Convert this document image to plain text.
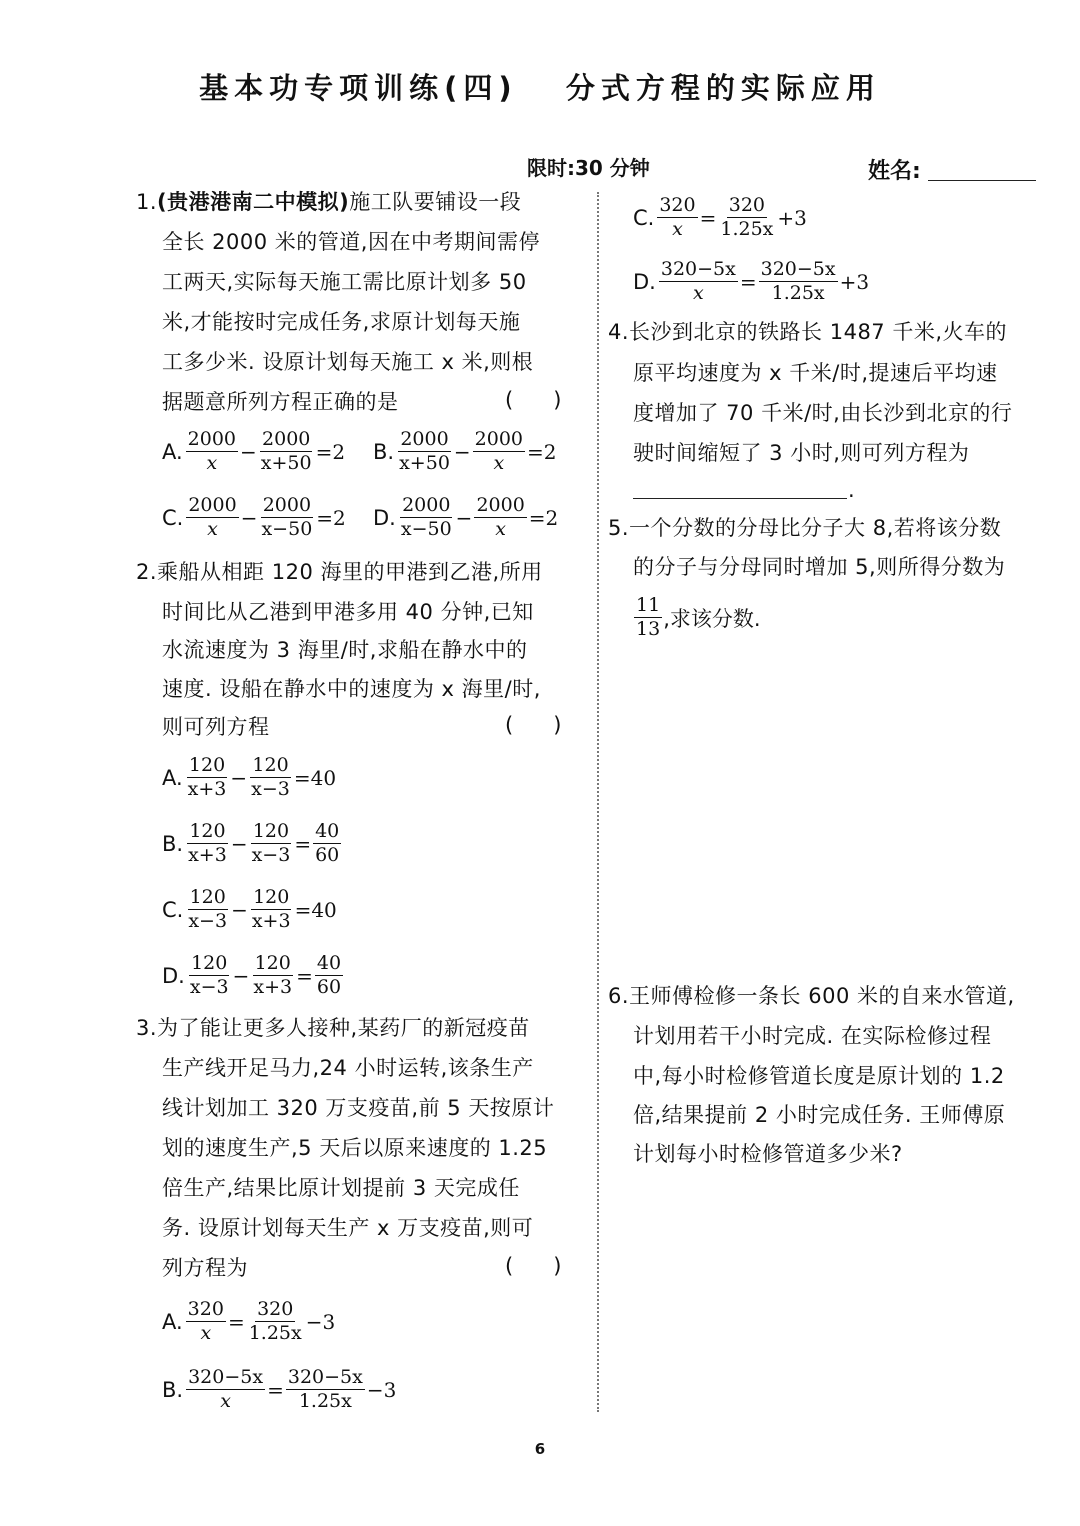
基本功专项训练(四)   分式方程的实际应用
限时:30 分钟	姓名:
1.(贵港港南二中模拟)施工队要铺设一段
全长 2000 米的管道,因在中考期间需停
工两天,实际每天施工需比原计划多 50
米,才能按时完成任务,求原计划每天施
工多少米. 设原计划每天施工 x 米,则根
据题意所列方程正确的是	(      )
A. $\frac{2000}{x} - \frac{2000}{x+50} =2$ B. $\frac{2000}{x+50} - \frac{2000}{x} =2$
C. $\frac{2000}{x} - \frac{2000}{x-50} =2$ D. $\frac{2000}{x-50} - \frac{2000}{x} =2$
2.乘船从相距 120 海里的甲港到乙港,所用
时间比从乙港到甲港多用 40 分钟,已知
水流速度为 3 海里/时,求船在静水中的
速度. 设船在静水中的速度为 x 海里/时,
则可列方程	(      )
A. $\frac{120}{x+3} - \frac{120}{x-3} =40$
B. $\frac{120}{x+3} - \frac{120}{x-3} = \frac{40}{60}$
C. $\frac{120}{x-3} - \frac{120}{x+3} =40$
D. $\frac{120}{x-3} - \frac{120}{x+3} = \frac{40}{60}$
3.为了能让更多人接种,某药厂的新冠疫苗
生产线开足马力,24 小时运转,该条生产
线计划加工 320 万支疫苗,前 5 天按原计
划的速度生产,5 天后以原来速度的 1.25
倍生产,结果比原计划提前 3 天完成任
务. 设原计划每天生产 x 万支疫苗,则可
列方程为	(      )
A. $\frac{320}{x} = \frac{320}{1.25x} -3$
B. $\frac{320-5x}{x} = \frac{320-5x}{1.25x} -3$
C. $\frac{320}{x} = \frac{320}{1.25x} +3$
D. $\frac{320-5x}{x} = \frac{320-5x}{1.25x} +3$
4.长沙到北京的铁路长 1487 千米,火车的
原平均速度为 x 千米/时,提速后平均速
度增加了 70 千米/时,由长沙到北京的行
驶时间缩短了 3 小时,则可列方程为
.
5.一个分数的分母比分子大 8,若将该分数
的分子与分母同时增加 5,则所得分数为
$\frac{11}{13}$ ,求该分数.
6.王师傅检修一条长 600 米的自来水管道,
计划用若干小时完成. 在实际检修过程
中,每小时检修管道长度是原计划的 1.2
倍,结果提前 2 小时完成任务. 王师傅原
计划每小时检修管道多少米?
6
